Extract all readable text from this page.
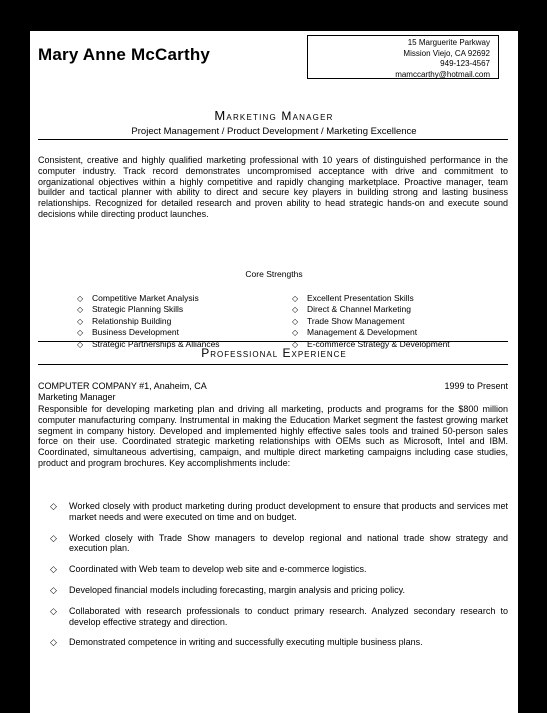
Mary Anne McCarthy
15 Marguerite Parkway
Mission Viejo, CA 92692
949-123-4567
mamccarthy@hotmail.com
Marketing Manager
Project Management / Product Development / Marketing Excellence
Consistent, creative and highly qualified marketing professional with 10 years of distinguished performance in the computer industry. Track record demonstrates uncompromised acceptance with drive and commitment to organizational objectives within a highly competitive and rapidly changing marketplace. Proactive manager, team builder and tactical planner with ability to direct and secure key players in building strong and lasting business relationships. Recognized for detailed research and proven ability to head strategic hands-on and execute sound decisions while directing product launches.
Core Strengths
◇ Competitive Market Analysis
◇ Strategic Planning Skills
◇ Relationship Building
◇ Business Development
◇ Strategic Partnerships & Alliances
◇ Excellent Presentation Skills
◇ Direct & Channel Marketing
◇ Trade Show Management
◇ Management & Development
◇ E-commerce Strategy & Development
Professional Experience
COMPUTER COMPANY #1, Anaheim, CA	1999 to Present
Marketing Manager
Responsible for developing marketing plan and driving all marketing, products and programs for the $800 million computer manufacturing company. Instrumental in making the Education Market segment the fastest growing market segment in company history. Developed and implemented highly effective sales tools and trained 50-person sales force on their use. Coordinated strategic marketing relationships with OEMs such as Microsoft, Intel and IBM. Coordinated, simultaneous advertising, campaign, and multiple direct marketing campaigns including case studies, product and program brochures. Key accomplishments include:
◇ Worked closely with product marketing during product development to ensure that products and services met market needs and were executed on time and on budget.
◇ Worked closely with Trade Show managers to develop regional and national trade show strategy and execution plan.
◇ Coordinated with Web team to develop web site and e-commerce logistics.
◇ Developed financial models including forecasting, margin analysis and pricing policy.
◇ Collaborated with research professionals to conduct primary research. Analyzed secondary research to develop effective strategy and direction.
◇ Demonstrated competence in writing and successfully executing multiple business plans.
